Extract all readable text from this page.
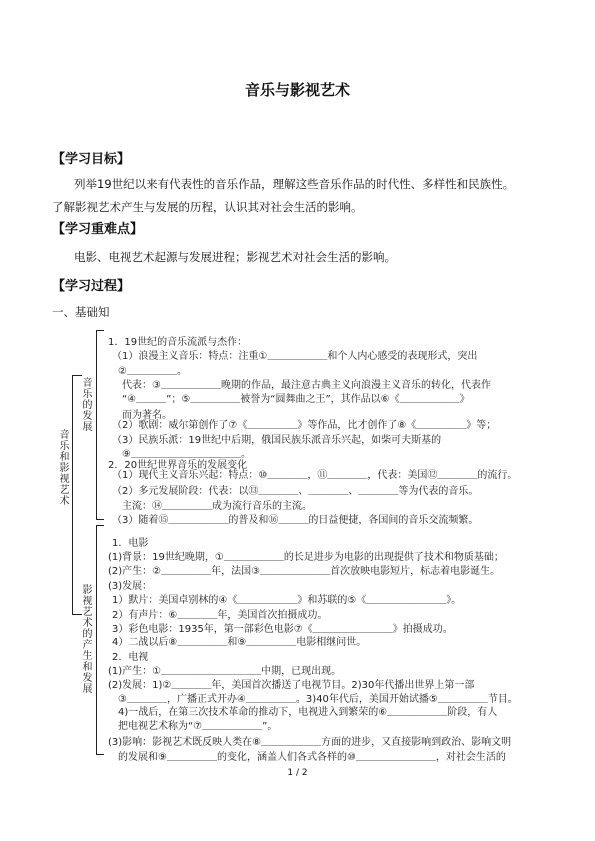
音乐与影视艺术
【学习目标】
列举19世纪以来有代表性的音乐作品，理解这些音乐作品的时代性、多样性和民族性。
了解影视艺术产生与发展的历程，认识其对社会生活的影响。
【学习重难点】
电影、电视艺术起源与发展进程；影视艺术对社会生活的影响。
【学习过程】
一、基础知
音乐和影视艺术
音乐的发展
影视艺术的产生和发展
1．19世纪的音乐流派与杰作：
（1）浪漫主义音乐：特点：注重①＿＿＿＿＿＿和个人内心感受的表现形式，突出
②＿＿＿＿＿。
代表：③＿＿＿＿＿＿晚期的作品，最注意古典主义向浪漫主义音乐的转化，代表作
“④＿＿＿”；⑤＿＿＿＿＿被誉为“圆舞曲之王”，其作品以⑥《＿＿＿＿＿＿》
而为著名。
（2）歌剧：威尔第创作了⑦《＿＿＿＿＿》等作品，比才创作了⑧《＿＿＿＿＿》等；
（3）民族乐派：19世纪中后期，俄国民族乐派音乐兴起，如柴可夫斯基的
⑨＿＿＿＿＿＿＿＿＿＿＿。
2．20世纪世界音乐的发展变化
（1）现代主义音乐兴起：特点：⑩＿＿＿＿，⑪＿＿＿＿，代表：美国⑫＿＿＿＿的流行。
（2）多元发展阶段：代表：以⑬＿＿＿＿、＿＿＿＿、＿＿＿＿等为代表的音乐。
主流：⑭＿＿＿＿＿成为流行音乐的主流。
（3）随着⑮＿＿＿＿＿＿的普及和⑯＿＿＿的日益便捷，各国间的音乐交流频繁。
1．电影
(1)背景：19世纪晚期，①＿＿＿＿＿＿的长足进步为电影的出现提供了技术和物质基础；
(2)产生：②＿＿＿＿＿年，法国③＿＿＿＿＿＿＿首次放映电影短片，标志着电影诞生。
(3)发展：
1）默片：美国卓别林的④《＿＿＿＿＿＿》和苏联的⑤《＿＿＿＿＿＿＿＿》。
2）有声片：⑥＿＿＿＿年，美国首次拍摄成功。
3）彩色电影：1935年，第一部彩色电影⑦《＿＿＿＿＿＿＿＿》拍摄成功。
4）二战以后⑧＿＿＿＿＿和⑨＿＿＿＿＿电影相继问世。
2．电视
(1)产生：①＿＿＿＿＿＿＿＿＿＿中期，已现出现。
(2)发展：1)②＿＿＿＿年，美国首次播送了电视节目。2)30年代播出世界上第一部
③＿＿＿＿，广播正式开办④＿＿＿＿＿。3)40年代后，美国开始试播⑤＿＿＿＿＿节目。
4)一战后，在第三次技术革命的推动下，电视进入到繁荣的⑥＿＿＿＿＿＿阶段，有人
把电视艺术称为“⑦＿＿＿＿＿＿”。
(3)影响：影视艺术既反映人类在⑧＿＿＿＿＿＿方面的进步，又直接影响到政治、影响文明
的发展和⑨＿＿＿＿＿的变化，涵盖人们各式各样的⑩＿＿＿＿＿＿＿＿，对社会生活的
1 / 2
